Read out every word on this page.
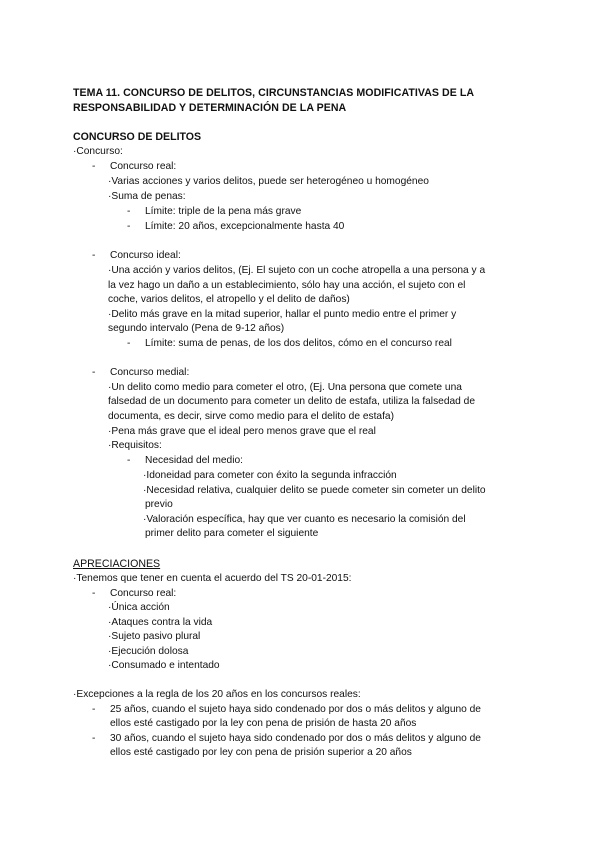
TEMA 11. CONCURSO DE DELITOS, CIRCUNSTANCIAS MODIFICATIVAS DE LA RESPONSABILIDAD Y DETERMINACIÓN DE LA PENA
CONCURSO DE DELITOS
·Concurso:
- Concurso real:
·Varias acciones y varios delitos, puede ser heterogéneo u homogéneo
·Suma de penas:
- Límite: triple de la pena más grave
- Límite: 20 años, excepcionalmente hasta 40
- Concurso ideal:
·Una acción y varios delitos, (Ej. El sujeto con un coche atropella a una persona y a
la vez hago un daño a un establecimiento, sólo hay una acción, el sujeto con el
coche, varios delitos, el atropello y el delito de daños)
·Delito más grave en la mitad superior, hallar el punto medio entre el primer y
segundo intervalo (Pena de 9-12 años)
- Límite: suma de penas, de los dos delitos, cómo en el concurso real
- Concurso medial:
·Un delito como medio para cometer el otro, (Ej. Una persona que comete una
falsedad de un documento para cometer un delito de estafa, utiliza la falsedad de
documenta, es decir, sirve como medio para el delito de estafa)
·Pena más grave que el ideal pero menos grave que el real
·Requisitos:
- Necesidad del medio:
·Idoneidad para cometer con éxito la segunda infracción
·Necesidad relativa, cualquier delito se puede cometer sin cometer un delito
previo
·Valoración específica, hay que ver cuanto es necesario la comisión del
primer delito para cometer el siguiente
APRECIACIONES
·Tenemos que tener en cuenta el acuerdo del TS 20-01-2015:
- Concurso real:
·Única acción
·Ataques contra la vida
·Sujeto pasivo plural
·Ejecución dolosa
·Consumado e intentado
·Excepciones a la regla de los 20 años en los concursos reales:
- 25 años, cuando el sujeto haya sido condenado por dos o más delitos y alguno de
ellos esté castigado por la ley con pena de prisión de hasta 20 años
- 30 años, cuando el sujeto haya sido condenado por dos o más delitos y alguno de
ellos esté castigado por ley con pena de prisión superior a 20 años
